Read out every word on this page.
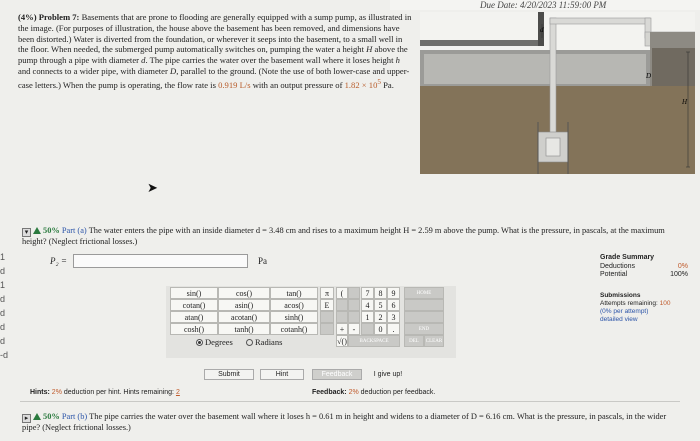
Due Date: 4/20/2023 11:59:00 PM
1
d
1
d
d
d
d
-d
(4%) Problem 7: Basements that are prone to flooding are generally equipped with a sump pump, as illustrated in the image. (For purposes of illustration, the house above the basement has been removed, and dimensions have been distorted.) Water is diverted from the foundation, or wherever it seeps into the basement, to a small well in the floor. When needed, the submerged pump automatically switches on, pumping the water a height H above the pump through a pipe with diameter d. The pipe carries the water over the basement wall where it loses height h and connects to a wider pipe, with diameter D, parallel to the ground. (Note the use of both lower-case and upper-case letters.) When the pump is operating, the flow rate is 0.919 L/s with an output pressure of $1.82 \times 10^5$ Pa.
d
D
H
➤
▾ 50% Part (a) The water enters the pipe with an inside diameter d = 3.48 cm and rises to a maximum height H = 2.59 m above the pump. What is the pressure, in pascals, at the maximum height? (Neglect frictional losses.)
P₂ =	Pa	Grade Summary
Deductions	0%
Potential	100%
Submissions
Attempts remaining: 100
(0% per attempt)
detailed view
sin()	cos()	tan()
cotan()	asin()	acos()
atan()	acotan()	sinh()
cosh()	tanh()	cotanh()
Degrees	Radians
π
E
(
+
√()
-
7	8	9
4	5	6
1	2	3
0	.
BACKSPACE
HOME
END
DEL	CLEAR
Submit	Hint	Feedback	I give up!
Hints: 2% deduction per hint. Hints remaining: 2	Feedback: 2% deduction per feedback.
▸ 50% Part (b) The pipe carries the water over the basement wall where it loses h = 0.61 m in height and widens to a diameter of D = 6.16 cm. What is the pressure, in pascals, in the wider pipe? (Neglect frictional losses.)
